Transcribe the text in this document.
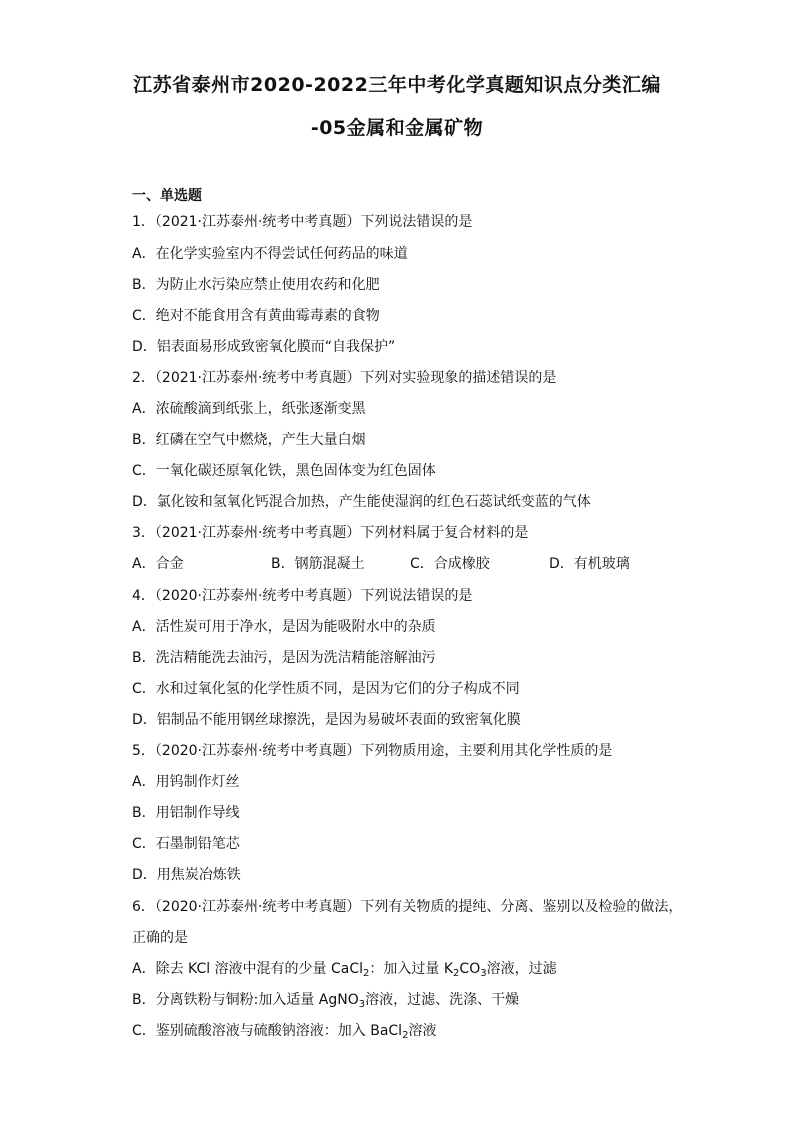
江苏省泰州市2020-2022三年中考化学真题知识点分类汇编
-05金属和金属矿物
一、单选题
1．（2021·江苏泰州·统考中考真题）下列说法错误的是
A．在化学实验室内不得尝试任何药品的味道
B．为防止水污染应禁止使用农药和化肥
C．绝对不能食用含有黄曲霉毒素的食物
D．铝表面易形成致密氧化膜而“自我保护”
2．（2021·江苏泰州·统考中考真题）下列对实验现象的描述错误的是
A．浓硫酸滴到纸张上，纸张逐渐变黑
B．红磷在空气中燃烧，产生大量白烟
C．一氧化碳还原氧化铁，黑色固体变为红色固体
D．氯化铵和氢氧化钙混合加热，产生能使湿润的红色石蕊试纸变蓝的气体
3．（2021·江苏泰州·统考中考真题）下列材料属于复合材料的是
A．合金	B．钢筋混凝土	C．合成橡胶	D．有机玻璃
4．（2020·江苏泰州·统考中考真题）下列说法错误的是
A．活性炭可用于净水，是因为能吸附水中的杂质
B．洗洁精能洗去油污，是因为洗洁精能溶解油污
C．水和过氧化氢的化学性质不同，是因为它们的分子构成不同
D．铝制品不能用钢丝球擦洗，是因为易破坏表面的致密氧化膜
5．（2020·江苏泰州·统考中考真题）下列物质用途，主要利用其化学性质的是
A．用钨制作灯丝
B．用铝制作导线
C．石墨制铅笔芯
D．用焦炭冶炼铁
6．（2020·江苏泰州·统考中考真题）下列有关物质的提纯、分离、鉴别以及检验的做法，
正确的是
A．除去 KCl 溶液中混有的少量 CaCl$_2$：加入过量 $K_2CO_3$溶液，过滤
B．分离铁粉与铜粉:加入适量 AgNO$_3$溶液，过滤、洗涤、干燥
C．鉴别硫酸溶液与硫酸钠溶液：加入 BaCl$_2$溶液
